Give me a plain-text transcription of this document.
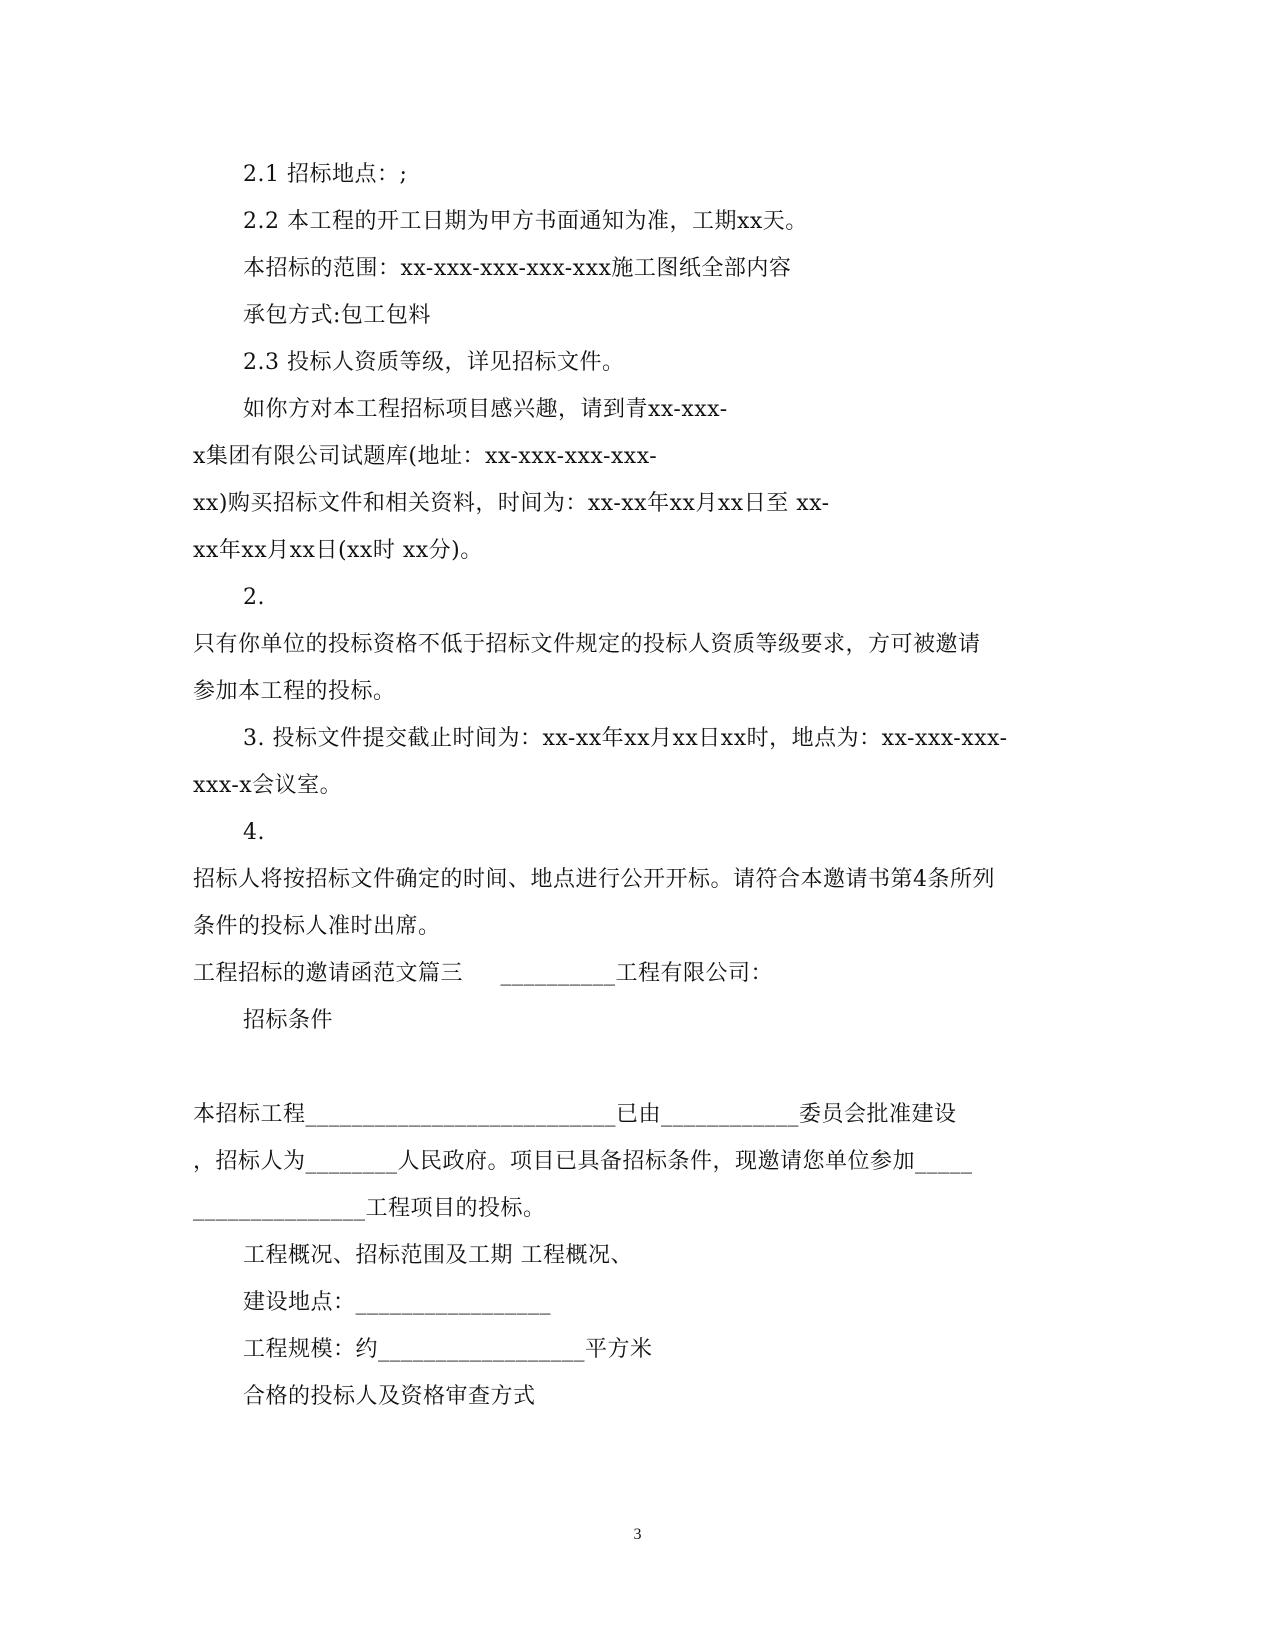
2.1 招标地点：;
2.2 本工程的开工日期为甲方书面通知为准，工期xx天。
本招标的范围：xx-xxx-xxx-xxx-xxx施工图纸全部内容
承包方式:包工包料
2.3 投标人资质等级，详见招标文件。
如你方对本工程招标项目感兴趣，请到青xx-xxx-
x集团有限公司试题库(地址：xx-xxx-xxx-xxx-
xx)购买招标文件和相关资料，时间为：xx-xx年xx月xx日至 xx-
xx年xx月xx日(xx时 xx分)。
2.
只有你单位的投标资格不低于招标文件规定的投标人资质等级要求，方可被邀请
参加本工程的投标。
3. 投标文件提交截止时间为：xx-xx年xx月xx日xx时，地点为：xx-xxx-xxx-
xxx-x会议室。
4.
招标人将按招标文件确定的时间、地点进行公开开标。请符合本邀请书第4条所列
条件的投标人准时出席。
工程招标的邀请函范文篇三     __________工程有限公司：
招标条件
本招标工程___________________________已由____________委员会批准建设
，招标人为________人民政府。项目已具备招标条件，现邀请您单位参加_____
_______________工程项目的投标。
工程概况、招标范围及工期 工程概况、
建设地点：_________________
工程规模：约__________________平方米
合格的投标人及资格审查方式
3
